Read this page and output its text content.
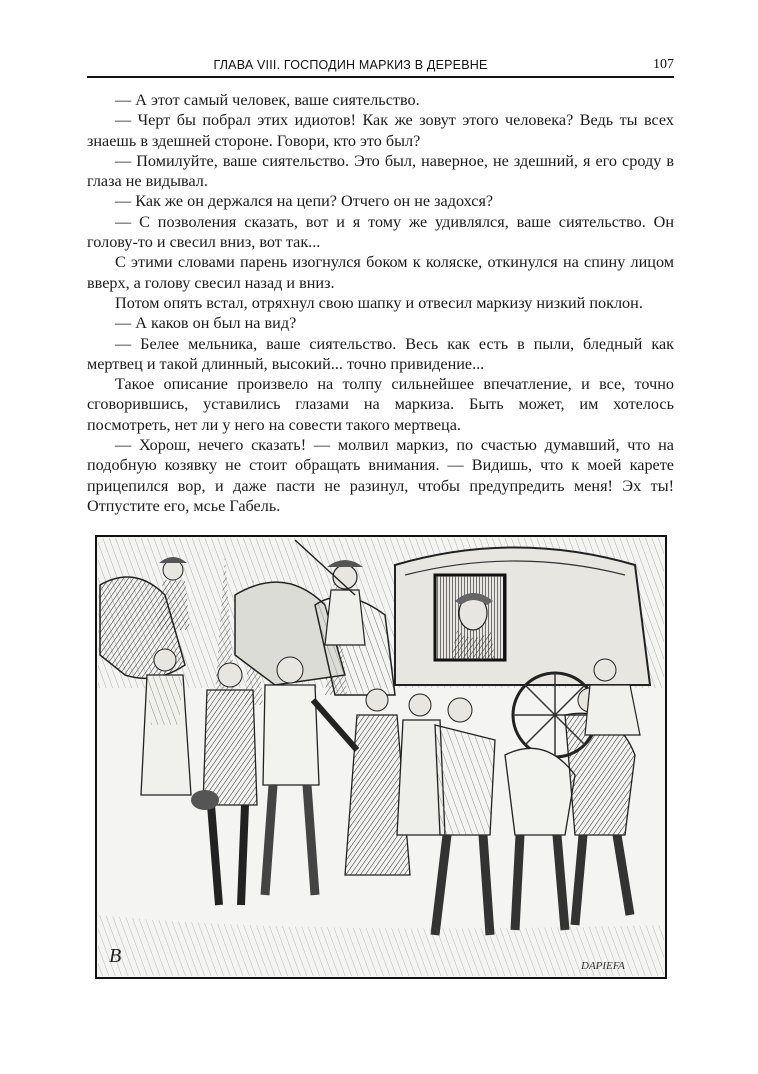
ГЛАВА VIII. ГОСПОДИН МАРКИЗ В ДЕРЕВНЕ	107

— А этот самый человек, ваше сиятельство.

— Черт бы побрал этих идиотов! Как же зовут этого человека? Ведь ты всех знаешь в здешней стороне. Говори, кто это был?

— Помилуйте, ваше сиятельство. Это был, наверное, не здешний, я его сроду в глаза не видывал.

— Как же он держался на цепи? Отчего он не задохся?

— С позволения сказать, вот и я тому же удивлялся, ваше сиятельство. Он голову-то и свесил вниз, вот так...

С этими словами парень изогнулся боком к коляске, откинулся на спину лицом вверх, а голову свесил назад и вниз.

Потом опять встал, отряхнул свою шапку и отвесил маркизу низкий поклон.

— А каков он был на вид?

— Белее мельника, ваше сиятельство. Весь как есть в пыли, бледный как мертвец и такой длинный, высокий... точно привидение...

Такое описание произвело на толпу сильнейшее впечатление, и все, точно сговорившись, уставились глазами на маркиза. Быть может, им хотелось посмотреть, нет ли у него на совести такого мертвеца.

— Хорош, нечего сказать! — молвил маркиз, по счастью думавший, что на подобную козявку не стоит обращать внимания. — Видишь, что к моей карете прицепился вор, и даже пасти не разинул, чтобы предупредить меня! Эх ты! Отпустите его, мсье Габель.

B	DAPIEFA
